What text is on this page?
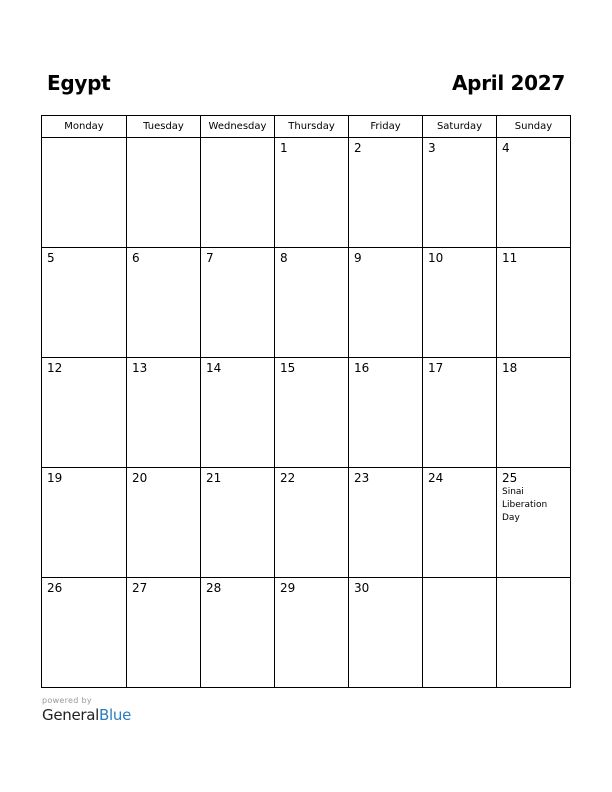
Egypt	April 2027
Monday	Tuesday	Wednesday	Thursday	Friday	Saturday	Sunday

			1	2	3	4

5	6	7	8	9	10	11

12	13	14	15	16	17	18

19	20	21	22	23	24	25
Sinai Liberation Day

26	27	28	29	30		

powered by
GeneralBlue
